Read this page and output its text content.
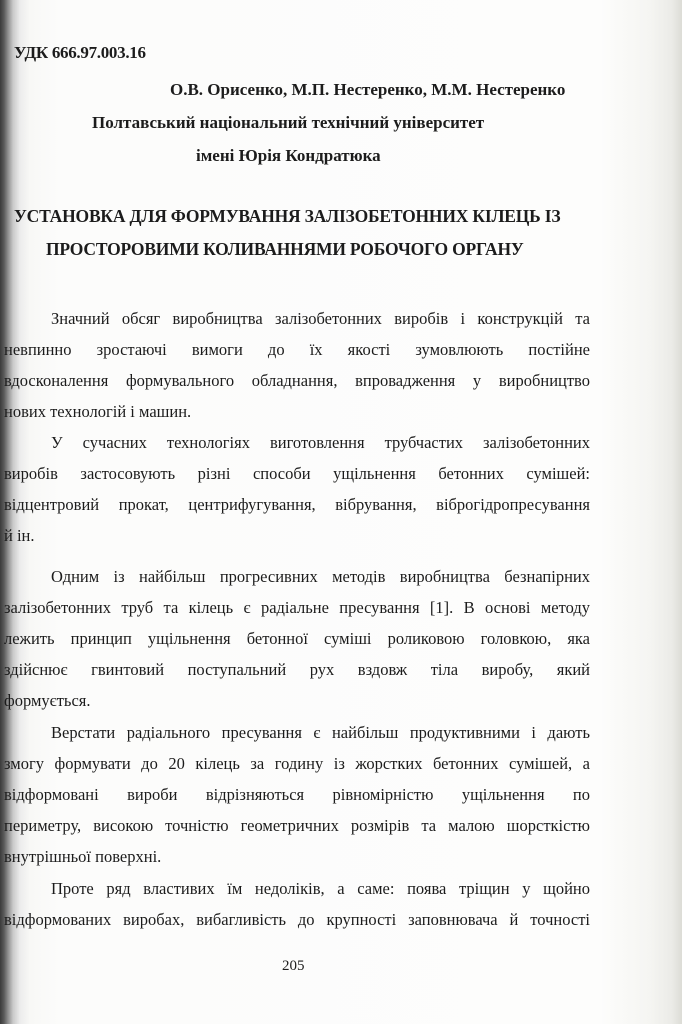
УДК 666.97.003.16
О.В. Орисенко, М.П. Нестеренко, М.М. Нестеренко
Полтавський національний технічний університет
імені Юрія Кондратюка
УСТАНОВКА ДЛЯ ФОРМУВАННЯ ЗАЛІЗОБЕТОННИХ КІЛЕЦЬ ІЗ
ПРОСТОРОВИМИ КОЛИВАННЯМИ РОБОЧОГО ОРГАНУ
Значний обсяг виробництва залізобетонних виробів і конструкцій та
невпинно зростаючі вимоги до їх якості зумовлюють постійне
вдосконалення формувального обладнання, впровадження у виробництво
нових технологій і машин.
У сучасних технологіях виготовлення трубчастих залізобетонних
виробів застосовують різні способи ущільнення бетонних сумішей:
відцентровий прокат, центрифугування, вібрування, віброгідропресування
й ін.
Одним із найбільш прогресивних методів виробництва безнапірних
залізобетонних труб та кілець є радіальне пресування [1]. В основі методу
лежить принцип ущільнення бетонної суміші роликовою головкою, яка
здійснює гвинтовий поступальний рух вздовж тіла виробу, який
формується.
Верстати радіального пресування є найбільш продуктивними і дають
змогу формувати до 20 кілець за годину із жорстких бетонних сумішей, а
відформовані вироби відрізняються рівномірністю ущільнення по
периметру, високою точністю геометричних розмірів та малою шорсткістю
внутрішньої поверхні.
Проте ряд властивих їм недоліків, а саме: поява тріщин у щойно
відформованих виробах, вибагливість до крупності заповнювача й точності
205
